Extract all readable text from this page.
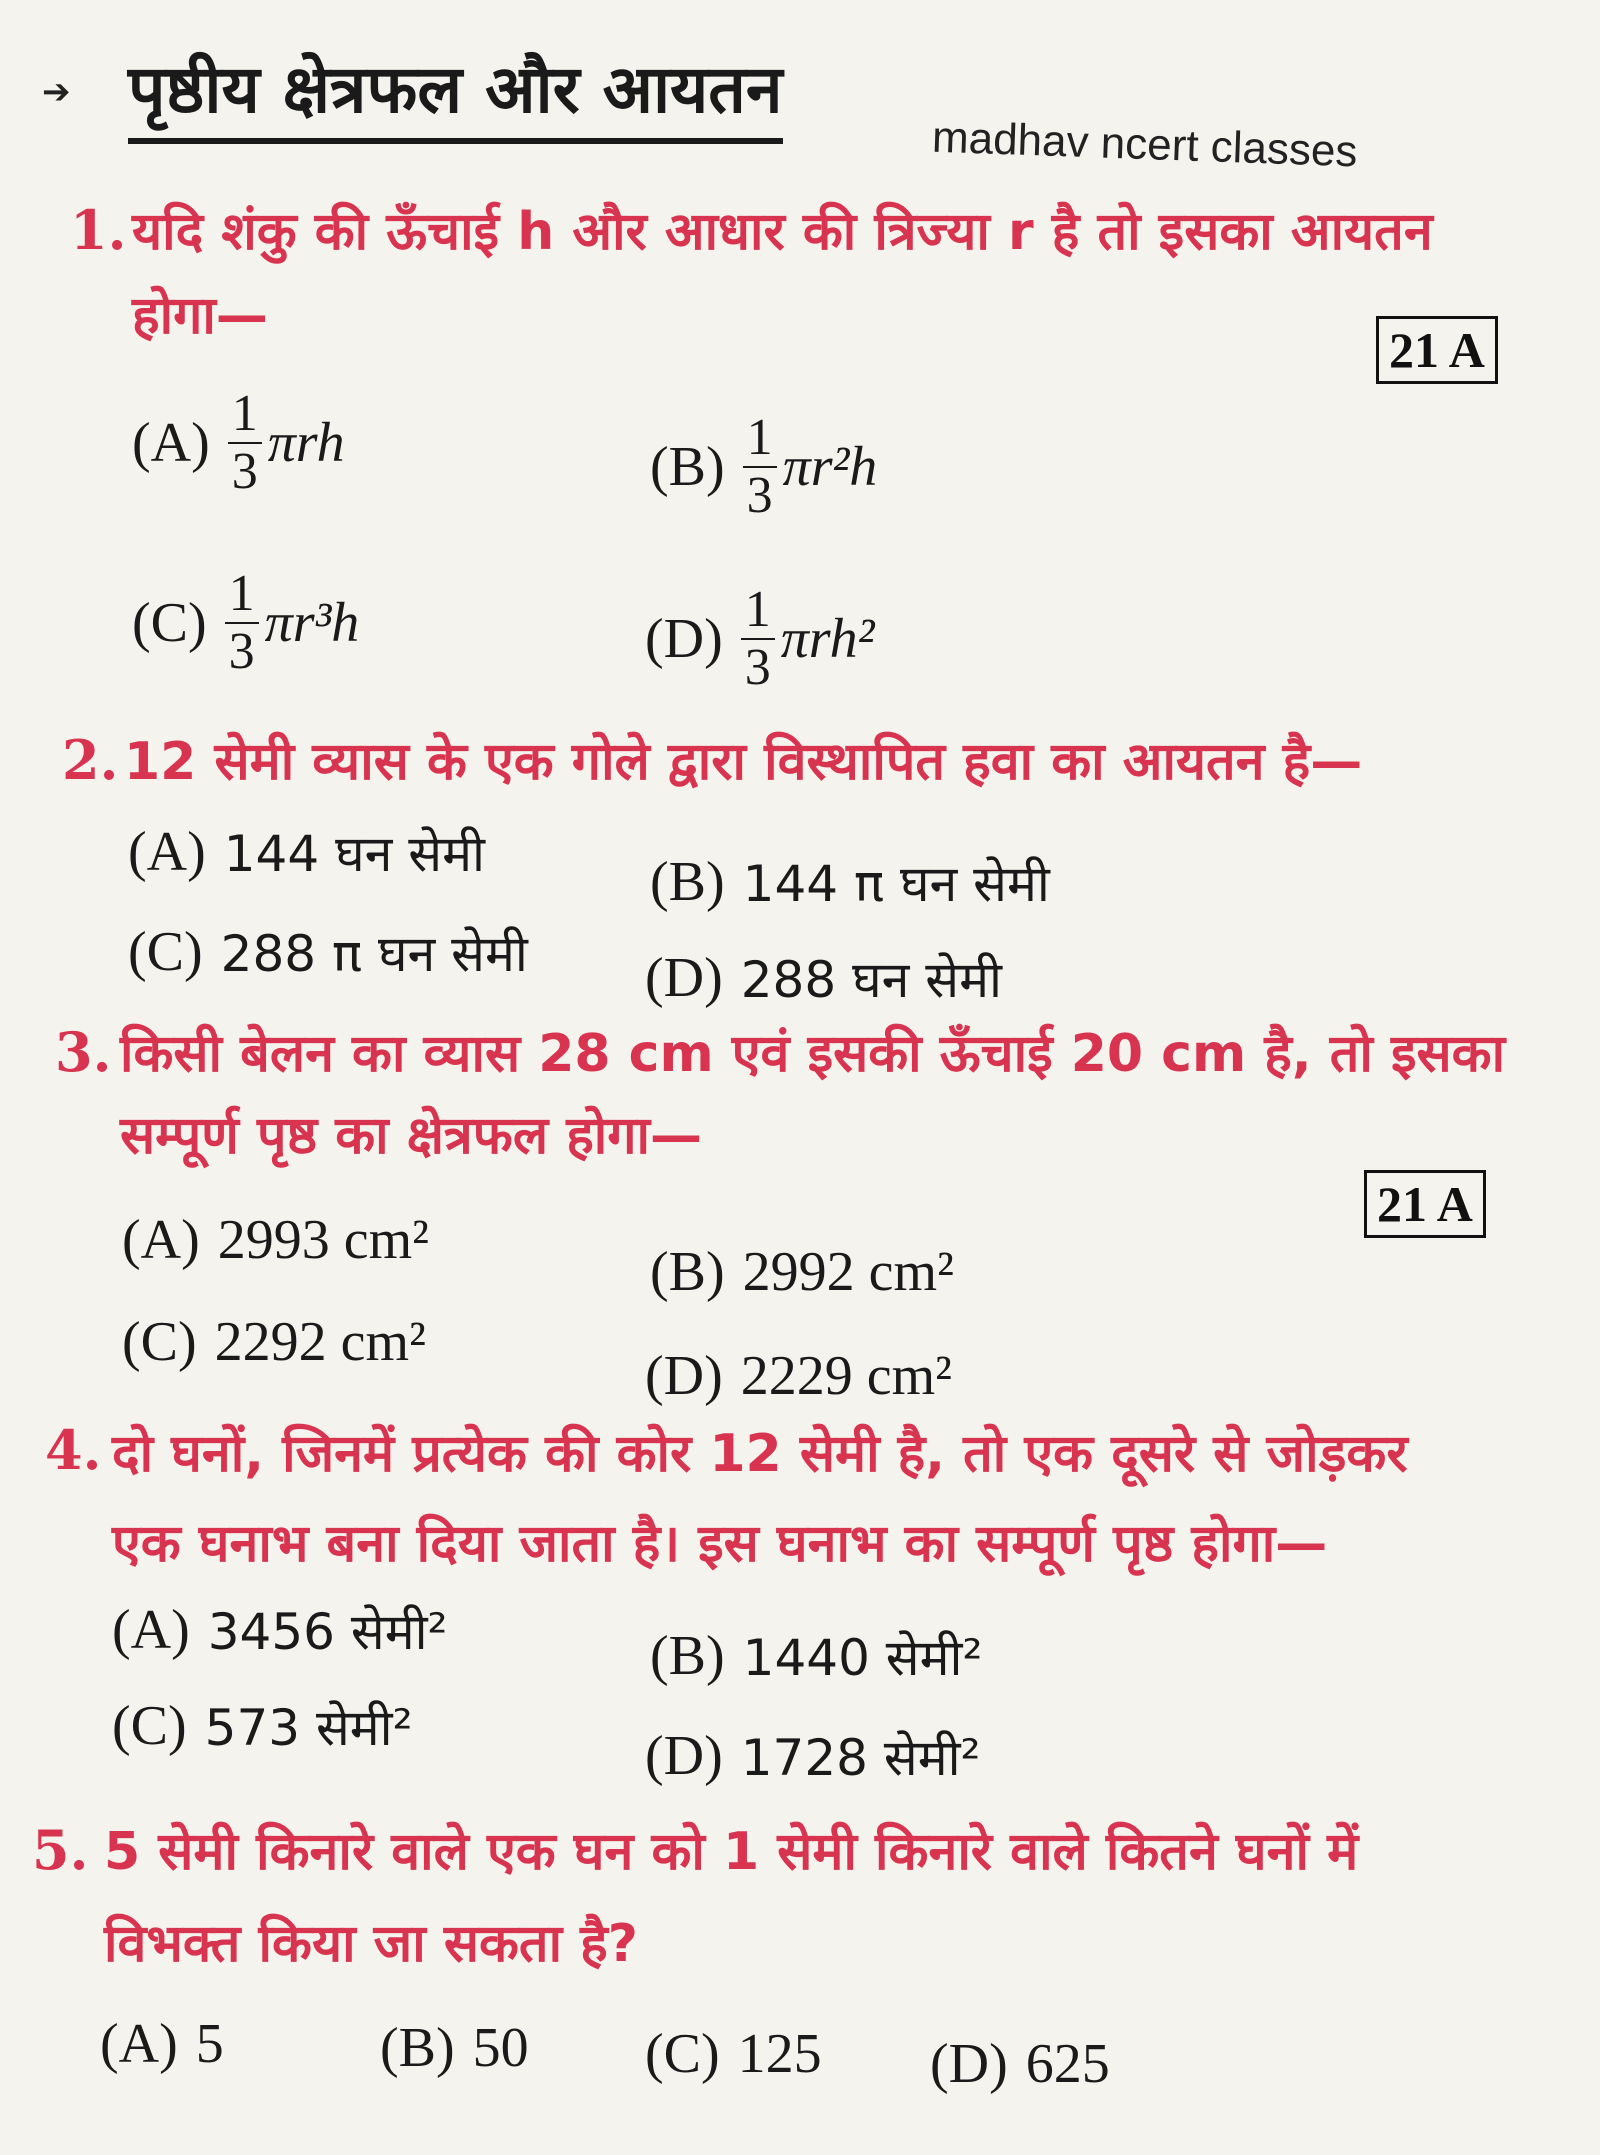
➔ पृष्ठीय क्षेत्रफल और आयतन
madhav ncert classes
1. यदि शंकु की ऊँचाई h और आधार की त्रिज्या r है तो इसका आयतन
होगा—
21 A
$(A) \frac{1}{3}$ πrh	$(B) \frac{1}{3} \pi r^2h$
$(C) \frac{1}{3} \pi r^3h$	$(D) \frac{1}{3} \pi rh^2$
2. 12 सेमी व्यास के एक गोले द्वारा विस्थापित हवा का आयतन है—
(A) 144 घन सेमी	(B) 144 π घन सेमी
(C) 288 π घन सेमी (D) 288 घन सेमी
3. किसी बेलन का व्यास 28 cm एवं इसकी ऊँचाई 20 cm है, तो इसका
सम्पूर्ण पृष्ठ का क्षेत्रफल होगा—
21 A
(A) 2993 cm²
(B) 2992 cm²
(C) 2292 cm²
(D) 2229 cm²
4. दो घनों, जिनमें प्रत्येक की कोर 12 सेमी है, तो एक दूसरे से जोड़कर
एक घनाभ बना दिया जाता है। इस घनाभ का सम्पूर्ण पृष्ठ होगा—
(A) 3456 सेमी²	(B) 1440 सेमी²
(C) 573 सेमी²	(D) 1728 सेमी²
5. 5 सेमी किनारे वाले एक घन को 1 सेमी किनारे वाले कितने घनों में
विभक्त किया जा सकता है?
(A) 5	(B) 50 (C) 125 (D) 625
